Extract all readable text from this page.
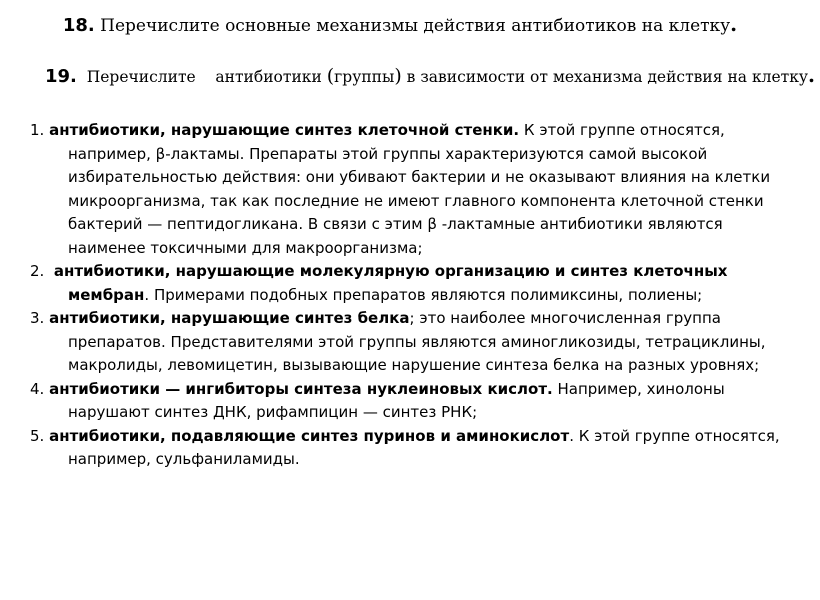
18. Перечислите основные механизмы действия антибиотиков на клетку.
19.  Перечислите    антибиотики (группы) в зависимости от механизма действия на клетку.

1. антибиотики, нарушающие синтез клеточной стенки. К этой группе относятся, например, β-лактамы. Препараты этой группы характеризуются самой высокой избирательностью действия: они убивают бактерии и не оказывают влияния на клетки микроорганизма, так как последние не имеют главного компонента клеточной стенки бактерий — пептидогликана. В связи с этим β -лактамные антибиотики являются наименее токсичными для макроорганизма;

2.  антибиотики, нарушающие молекулярную организацию и синтез клеточных мембран. Примерами подобных препаратов являются полимиксины, полиены;

3. антибиотики, нарушающие синтез белка; это наиболее многочисленная группа препаратов. Представителями этой группы являются аминогликозиды, тетрациклины, макролиды, левомицетин, вызывающие нарушение синтеза белка на разных уровнях;

4. антибиотики — ингибиторы синтеза нуклеиновых кислот. Например, хинолоны нарушают синтез ДНК, рифампицин — синтез РНК;

5. антибиотики, подавляющие синтез пуринов и аминокислот. К этой группе относятся, например, сульфаниламиды.
